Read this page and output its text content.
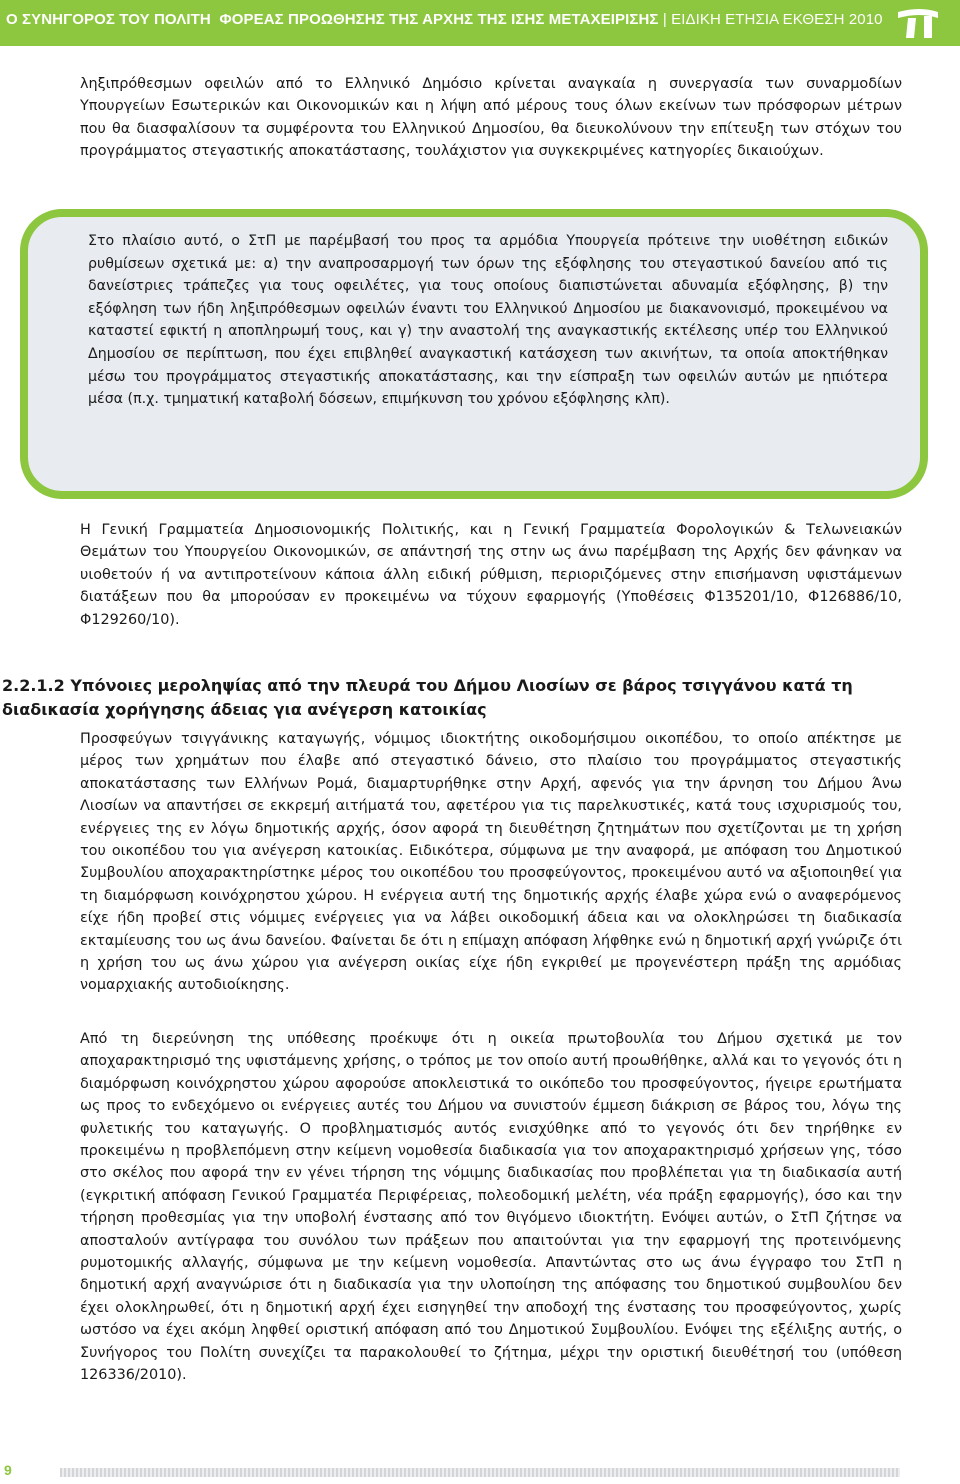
Ο ΣΥΝΗΓΟΡΟΣ ΤΟΥ ΠΟΛΙΤΗ ΦΟΡΕΑΣ ΠΡΟΩΘΗΣΗΣ ΤΗΣ ΑΡΧΗΣ ΤΗΣ ΙΣΗΣ ΜΕΤΑΧΕΙΡΙΣΗΣ | ΕΙΔΙΚΗ ΕΤΗΣΙΑ ΕΚΘΕΣΗ 2010

ληξιπρόθεσμων οφειλών από το Ελληνικό Δημόσιο κρίνεται αναγκαία η συνεργασία των συναρμοδίων Υπουργείων Εσωτερικών και Οικονομικών και η λήψη από μέρους τους όλων εκείνων των πρόσφορων μέτρων που θα διασφαλίσουν τα συμφέροντα του Ελληνικού Δημοσίου, θα διευκολύνουν την επίτευξη των στόχων του προγράμματος στεγαστικής αποκατάστασης, τουλάχιστον για συγκεκριμένες κατηγορίες δικαιούχων.

Στο πλαίσιο αυτό, ο ΣτΠ με παρέμβασή του προς τα αρμόδια Υπουργεία πρότεινε την υιοθέτηση ειδικών ρυθμίσεων σχετικά με: α) την αναπροσαρμογή των όρων της εξόφλησης του στεγαστικού δανείου από τις δανείστριες τράπεζες για τους οφειλέτες, για τους οποίους διαπιστώνεται αδυναμία εξόφλησης, β) την εξόφληση των ήδη ληξιπρόθεσμων οφειλών έναντι του Ελληνικού Δημοσίου με διακανονισμό, προκειμένου να καταστεί εφικτή η αποπληρωμή τους, και γ) την αναστολή της αναγκαστικής εκτέλεσης υπέρ του Ελληνικού Δημοσίου σε περίπτωση, που έχει επιβληθεί αναγκαστική κατάσχεση των ακινήτων, τα οποία αποκτήθηκαν μέσω του προγράμματος στεγαστικής αποκατάστασης, και την είσπραξη των οφειλών αυτών με ηπιότερα μέσα (π.χ. τμηματική καταβολή δόσεων, επιμήκυνση του χρόνου εξόφλησης κλπ).

Η Γενική Γραμματεία Δημοσιονομικής Πολιτικής, και η Γενική Γραμματεία Φορολογικών & Τελωνειακών Θεμάτων του Υπουργείου Οικονομικών, σε απάντησή της στην ως άνω παρέμβαση της Αρχής δεν φάνηκαν να υιοθετούν ή να αντιπροτείνουν κάποια άλλη ειδική ρύθμιση, περιοριζόμενες στην επισήμανση υφιστάμενων διατάξεων που θα μπορούσαν εν προκειμένω να τύχουν εφαρμογής (Υποθέσεις Φ135201/10, Φ126886/10, Φ129260/10).

2.2.1.2 Υπόνοιες μεροληψίας από την πλευρά του Δήμου Λιοσίων σε βάρος τσιγγάνου κατά τη διαδικασία χορήγησης άδειας για ανέγερση κατοικίας

Προσφεύγων τσιγγάνικης καταγωγής, νόμιμος ιδιοκτήτης οικοδομήσιμου οικοπέδου, το οποίο απέκτησε με μέρος των χρημάτων που έλαβε από στεγαστικό δάνειο, στο πλαίσιο του προγράμματος στεγαστικής αποκατάστασης των Ελλήνων Ρομά, διαμαρτυρήθηκε στην Αρχή, αφενός για την άρνηση του Δήμου Άνω Λιοσίων να απαντήσει σε εκκρεμή αιτήματά του, αφετέρου για τις παρελκυστικές, κατά τους ισχυρισμούς του, ενέργειες της εν λόγω δημοτικής αρχής, όσον αφορά τη διευθέτηση ζητημάτων που σχετίζονται με τη χρήση του οικοπέδου του για ανέγερση κατοικίας. Ειδικότερα, σύμφωνα με την αναφορά, με απόφαση του Δημοτικού Συμβουλίου αποχαρακτηρίστηκε μέρος του οικοπέδου του προσφεύγοντος, προκειμένου αυτό να αξιοποιηθεί για τη διαμόρφωση κοινόχρηστου χώρου. Η ενέργεια αυτή της δημοτικής αρχής έλαβε χώρα ενώ ο αναφερόμενος είχε ήδη προβεί στις νόμιμες ενέργειες για να λάβει οικοδομική άδεια και να ολοκληρώσει τη διαδικασία εκταμίευσης του ως άνω δανείου. Φαίνεται δε ότι η επίμαχη απόφαση λήφθηκε ενώ η δημοτική αρχή γνώριζε ότι η χρήση του ως άνω χώρου για ανέγερση οικίας είχε ήδη εγκριθεί με προγενέστερη πράξη της αρμόδιας νομαρχιακής αυτοδιοίκησης.

Από τη διερεύνηση της υπόθεσης προέκυψε ότι η οικεία πρωτοβουλία του Δήμου σχετικά με τον αποχαρακτηρισμό της υφιστάμενης χρήσης, ο τρόπος με τον οποίο αυτή προωθήθηκε, αλλά και το γεγονός ότι η διαμόρφωση κοινόχρηστου χώρου αφορούσε αποκλειστικά το οικόπεδο του προσφεύγοντος, ήγειρε ερωτήματα ως προς το ενδεχόμενο οι ενέργειες αυτές του Δήμου να συνιστούν έμμεση διάκριση σε βάρος του, λόγω της φυλετικής του καταγωγής. Ο προβληματισμός αυτός ενισχύθηκε από το γεγονός ότι δεν τηρήθηκε εν προκειμένω η προβλεπόμενη στην κείμενη νομοθεσία διαδικασία για τον αποχαρακτηρισμό χρήσεων γης, τόσο στο σκέλος που αφορά την εν γένει τήρηση της νόμιμης διαδικασίας που προβλέπεται για τη διαδικασία αυτή (εγκριτική απόφαση Γενικού Γραμματέα Περιφέρειας, πολεοδομική μελέτη, νέα πράξη εφαρμογής), όσο και την τήρηση προθεσμίας για την υποβολή ένστασης από τον θιγόμενο ιδιοκτήτη. Ενόψει αυτών, ο ΣτΠ ζήτησε να αποσταλούν αντίγραφα του συνόλου των πράξεων που απαιτούνται για την εφαρμογή της προτεινόμενης ρυμοτομικής αλλαγής, σύμφωνα με την κείμενη νομοθεσία. Απαντώντας στο ως άνω έγγραφο του ΣτΠ η δημοτική αρχή αναγνώρισε ότι η διαδικασία για την υλοποίηση της απόφασης του δημοτικού συμβουλίου δεν έχει ολοκληρωθεί, ότι η δημοτική αρχή έχει εισηγηθεί την αποδοχή της ένστασης του προσφεύγοντος, χωρίς ωστόσο να έχει ακόμη ληφθεί οριστική απόφαση από του Δημοτικού Συμβουλίου. Ενόψει της εξέλιξης αυτής, ο Συνήγορος του Πολίτη συνεχίζει τα παρακολουθεί το ζήτημα, μέχρι την οριστική διευθέτησή του (υπόθεση 126336/2010).

9
